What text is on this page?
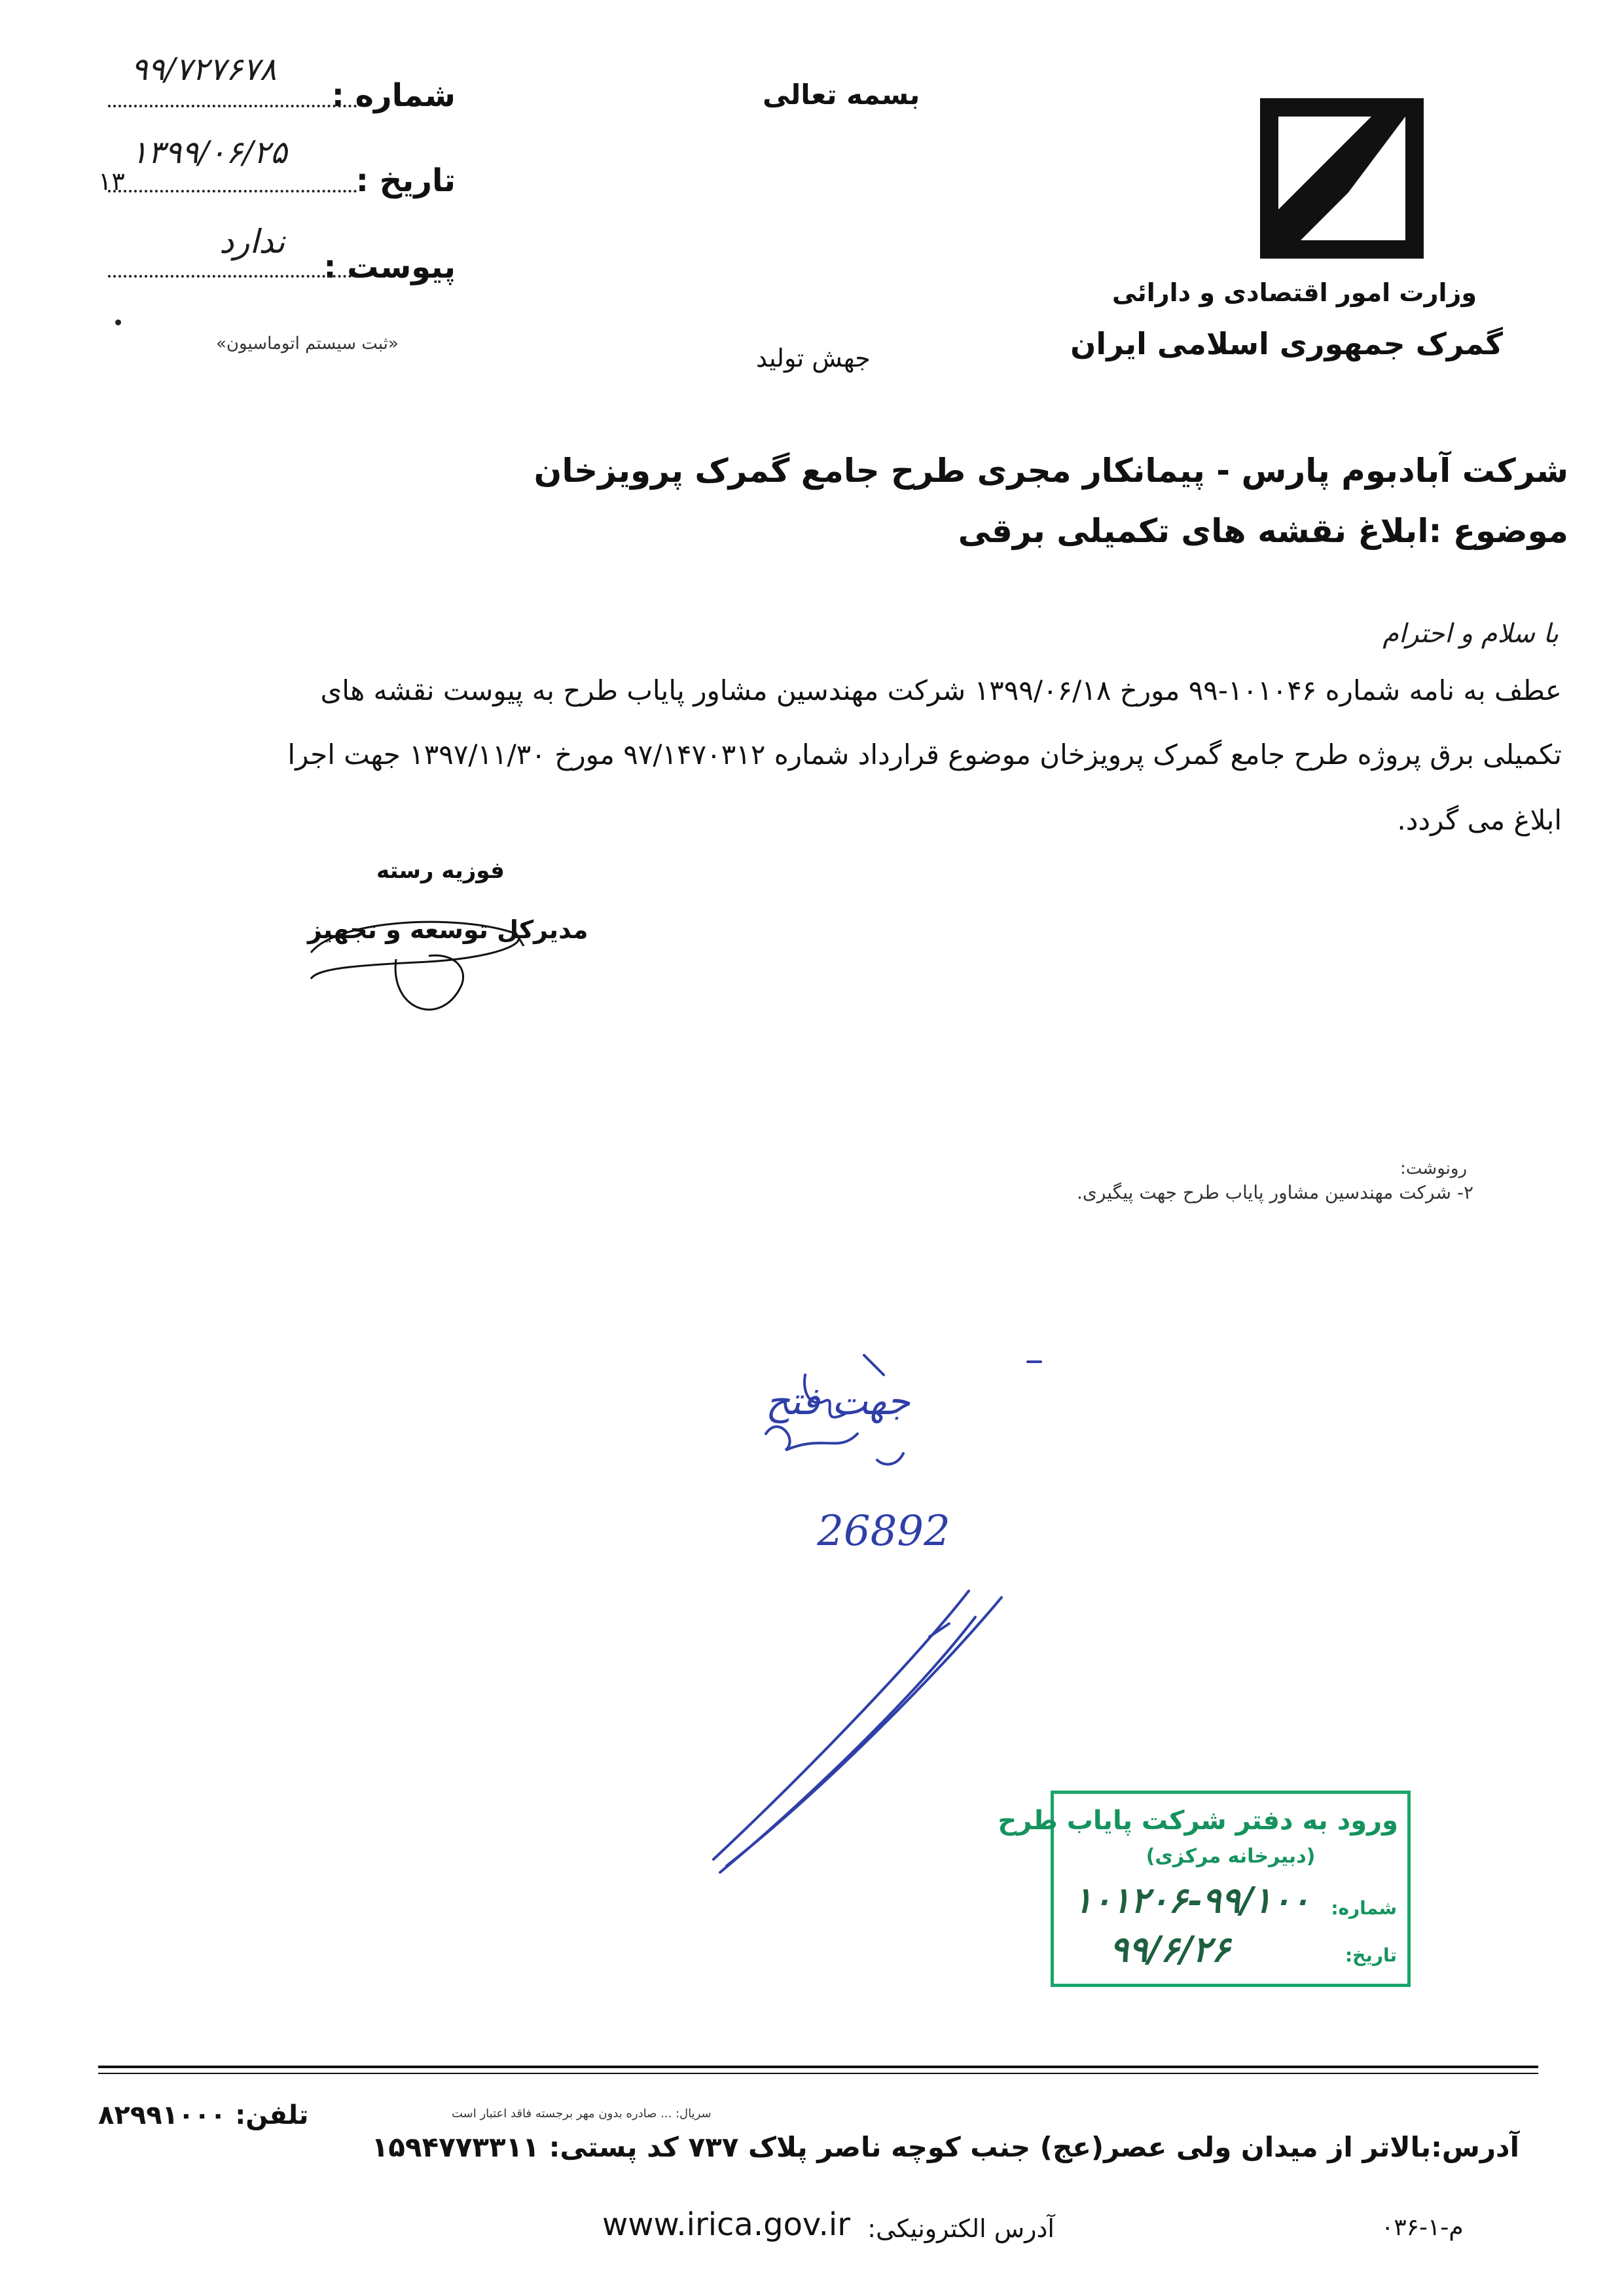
شماره :
۹۹/۷۲۷۶۷۸
تاریخ :
۱۳۹۹/۰۶/۲۵
۱۳
پیوست :
ندارد
«ثبت سیستم اتوماسیون»
بسمه تعالی
جهش تولید
وزارت امور اقتصادی و دارائی
گمرک جمهوری اسلامی ایران
شرکت آبادبوم پارس - پیمانکار مجری طرح جامع گمرک پرویزخان
موضوع :ابلاغ نقشه های تکمیلی برقی
با سلام و احترام
عطف به نامه شماره ۱۰۱۰۴۶-۹۹ مورخ ۱۳۹۹/۰۶/۱۸ شرکت مهندسین مشاور پایاب طرح به پیوست نقشه های
تکمیلی برق پروژه طرح جامع گمرک پرویزخان موضوع قرارداد شماره ۹۷/۱۴۷۰۳۱۲ مورخ ۱۳۹۷/۱۱/۳۰ جهت اجرا
ابلاغ می گردد.
فوزیه رسته
مدیرکل توسعه و تجهیز
رونوشت:
۲- شرکت مهندسین مشاور پایاب طرح جهت پیگیری.
26892
جهت فتح
ورود به دفتر شرکت پایاب طرح
(دبیرخانه مرکزی)
شماره:
۱۰۱۲۰۶-۹۹/۱۰۰
تاریخ:
۹۹/۶/۲۶
آدرس:بالاتر از میدان ولی عصر(عج) جنب کوچه ناصر پلاک ۷۳۷ کد پستی: ۱۵۹۴۷۷۳۳۱۱
سریال: ... صادره بدون مهر برجسته فاقد اعتبار است
تلفن: ۸۲۹۹۱۰۰۰
آدرس الکترونیکی:
www.irica.gov.ir	م-۱-۰۳۶
